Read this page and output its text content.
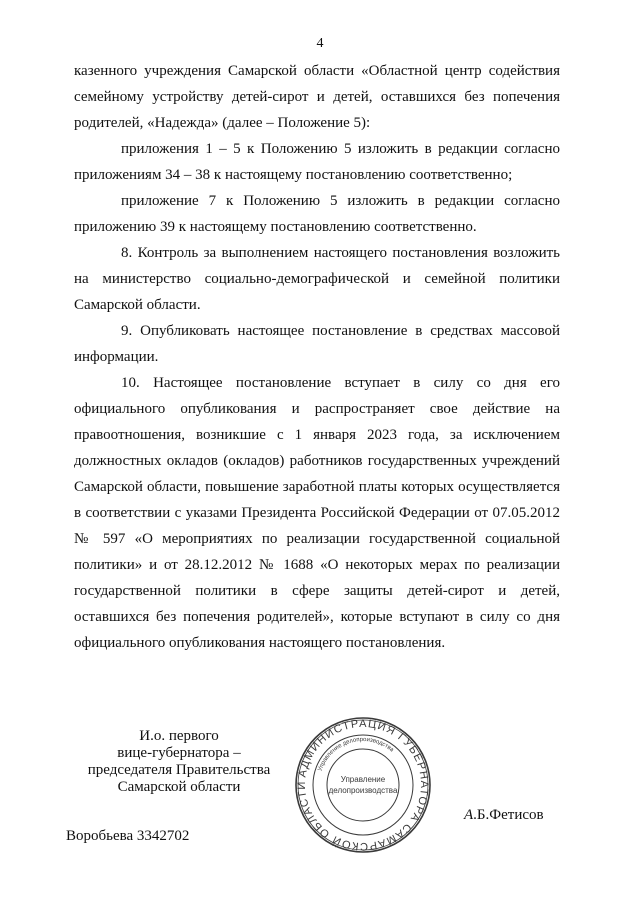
4

казенного учреждения Самарской области «Областной центр содействия семейному устройству детей-сирот и детей, оставшихся без попечения родителей, «Надежда» (далее – Положение 5):

приложения 1 – 5 к Положению 5 изложить в редакции согласно приложениям 34 – 38 к настоящему постановлению соответственно;

приложение 7 к Положению 5 изложить в редакции согласно приложению 39 к настоящему постановлению соответственно.

8. Контроль за выполнением настоящего постановления возложить на министерство социально-демографической и семейной политики Самарской области.

9. Опубликовать настоящее постановление в средствах массовой информации.

10. Настоящее постановление вступает в силу со дня его официального опубликования и распространяет свое действие на правоотношения, возникшие с 1 января 2023 года, за исключением должностных окладов (окладов) работников государственных учреждений Самарской области, повышение заработной платы которых осуществляется в соответствии с указами Президента Российской Федерации от 07.05.2012 № 597 «О мероприятиях по реализации государственной социальной политики» и от 28.12.2012 № 1688 «О некоторых мерах по реализации государственной политики в сфере защиты детей-сирот и детей, оставшихся без попечения родителей», которые вступают в силу со дня официального опубликования настоящего постановления.

И.о. первого
вице-губернатора –
председателя Правительства
Самарской области
АДМИНИСТРАЦИЯ ГУБЕРНАТОРА САМАРСКОЙ ОБЛАСТИ
Управление делопроизводства
Управление
делопроизводства
A.Б.Фетисов
Воробьева 3342702
